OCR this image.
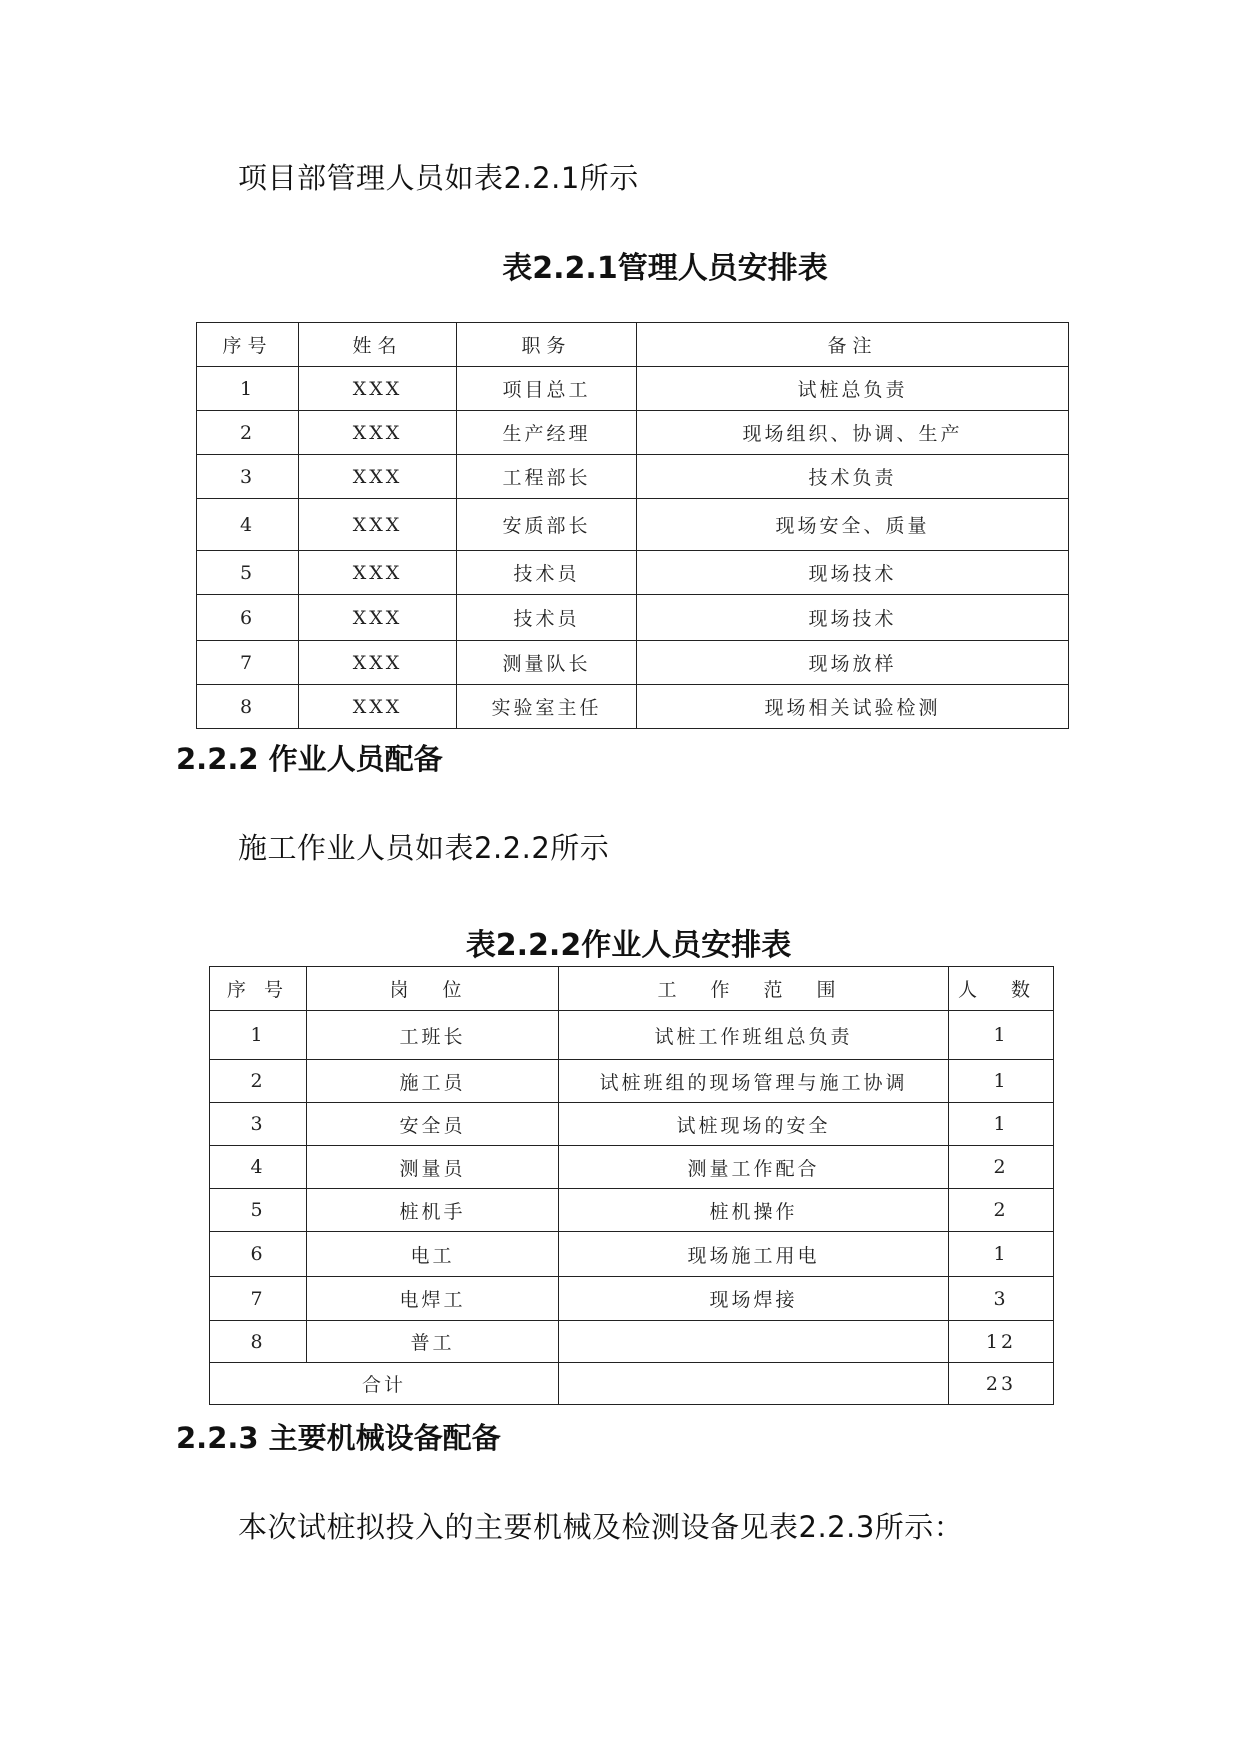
项目部管理人员如表2.2.1所示
表2.2.1管理人员安排表
序号	姓名	职务	备注
1	XXX	项目总工	试桩总负责
2	XXX	生产经理	现场组织、协调、生产
3	XXX	工程部长	技术负责
4	XXX	安质部长	现场安全、质量
5	XXX	技术员	现场技术
6	XXX	技术员	现场技术
7	XXX	测量队长	现场放样
8	XXX	实验室主任	现场相关试验检测
2.2.2 作业人员配备
施工作业人员如表2.2.2所示
表2.2.2作业人员安排表
序 号	岗 位	工 作 范 围	人 数
1	工班长	试桩工作班组总负责	1
2	施工员	试桩班组的现场管理与施工协调	1
3	安全员	试桩现场的安全	1
4	测量员	测量工作配合	2
5	桩机手	桩机操作	2
6	电工	现场施工用电	1
7	电焊工	现场焊接	3
8	普工		12
合计			23
2.2.3 主要机械设备配备
本次试桩拟投入的主要机械及检测设备见表2.2.3所示：
